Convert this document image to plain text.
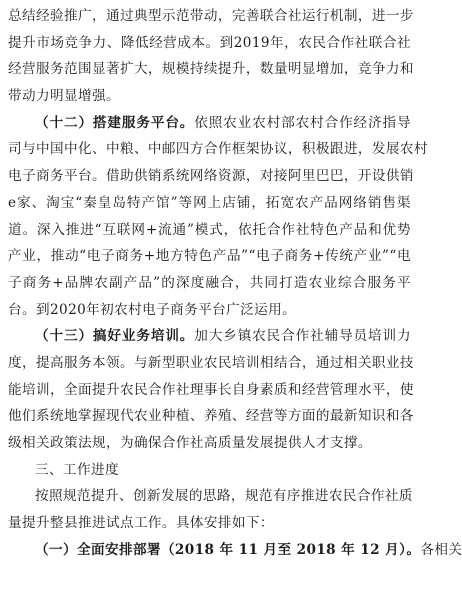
总结经验推广，通过典型示范带动，完善联合社运行机制，进一步
提升市场竞争力、降低经营成本。到2019年，农民合作社联合社
经营服务范围显著扩大，规模持续提升，数量明显增加，竞争力和
带动力明显增强。
（十二）搭建服务平台。依照农业农村部农村合作经济指导
司与中国中化、中粮、中邮四方合作框架协议，积极跟进，发展农村
电子商务平台。借助供销系统网络资源，对接阿里巴巴，开设供销
e家、淘宝“秦皇岛特产馆”等网上店铺，拓宽农产品网络销售渠
道。深入推进“互联网+流通”模式，依托合作社特色产品和优势
产业，推动“电子商务+地方特色产品”“电子商务+传统产业”“电
子商务+品牌农副产品”的深度融合，共同打造农业综合服务平
台。到2020年初农村电子商务平台广泛运用。
（十三）搞好业务培训。加大乡镇农民合作社辅导员培训力
度，提高服务本领。与新型职业农民培训相结合，通过相关职业技
能培训，全面提升农民合作社理事长自身素质和经营管理水平，使
他们系统地掌握现代农业种植、养殖、经营等方面的最新知识和各
级相关政策法规，为确保合作社高质量发展提供人才支撑。
三、工作进度
按照规范提升、创新发展的思路，规范有序推进农民合作社质
量提升整县推进试点工作。具体安排如下：
（一）全面安排部署（2018 年 11 月至 2018 年 12 月）。各相关
